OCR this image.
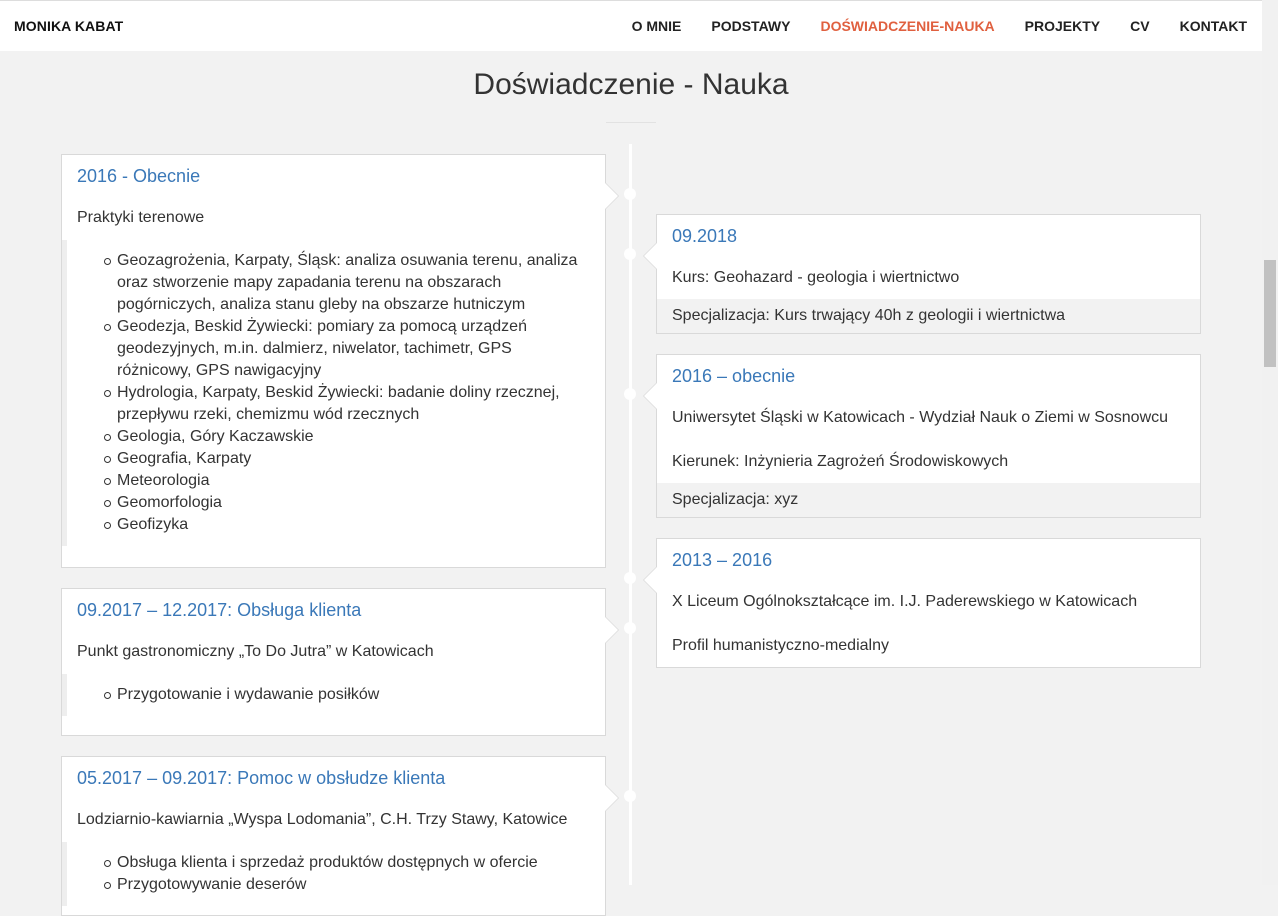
MONIKA KABAT	O MNIE PODSTAWY DOŚWIADCZENIE-NAUKA PROJEKTY CV KONTAKT
Doświadczenie - Nauka
2016 - Obecnie
Praktyki terenowe
Geozagrożenia, Karpaty, Śląsk: analiza osuwania terenu, analiza oraz stworzenie mapy zapadania terenu na obszarach pogórniczych, analiza stanu gleby na obszarze hutniczym
Geodezja, Beskid Żywiecki: pomiary za pomocą urządzeń geodezyjnych, m.in. dalmierz, niwelator, tachimetr, GPS różnicowy, GPS nawigacyjny
Hydrologia, Karpaty, Beskid Żywiecki: badanie doliny rzecznej, przepływu rzeki, chemizmu wód rzecznych
Geologia, Góry Kaczawskie
Geografia, Karpaty
Meteorologia
Geomorfologia
Geofizyka
09.2017 – 12.2017: Obsługa klienta
Punkt gastronomiczny „To Do Jutra” w Katowicach
Przygotowanie i wydawanie posiłków
05.2017 – 09.2017: Pomoc w obsłudze klienta
Lodziarnio-kawiarnia „Wyspa Lodomania”, C.H. Trzy Stawy, Katowice
Obsługa klienta i sprzedaż produktów dostępnych w ofercie
Przygotowywanie deserów
09.2018
Kurs: Geohazard - geologia i wiertnictwo
Specjalizacja: Kurs trwający 40h z geologii i wiertnictwa
2016 – obecnie
Uniwersytet Śląski w Katowicach - Wydział Nauk o Ziemi w Sosnowcu
Kierunek: Inżynieria Zagrożeń Środowiskowych
Specjalizacja: xyz
2013 – 2016
X Liceum Ogólnokształcące im. I.J. Paderewskiego w Katowicach
Profil humanistyczno-medialny
